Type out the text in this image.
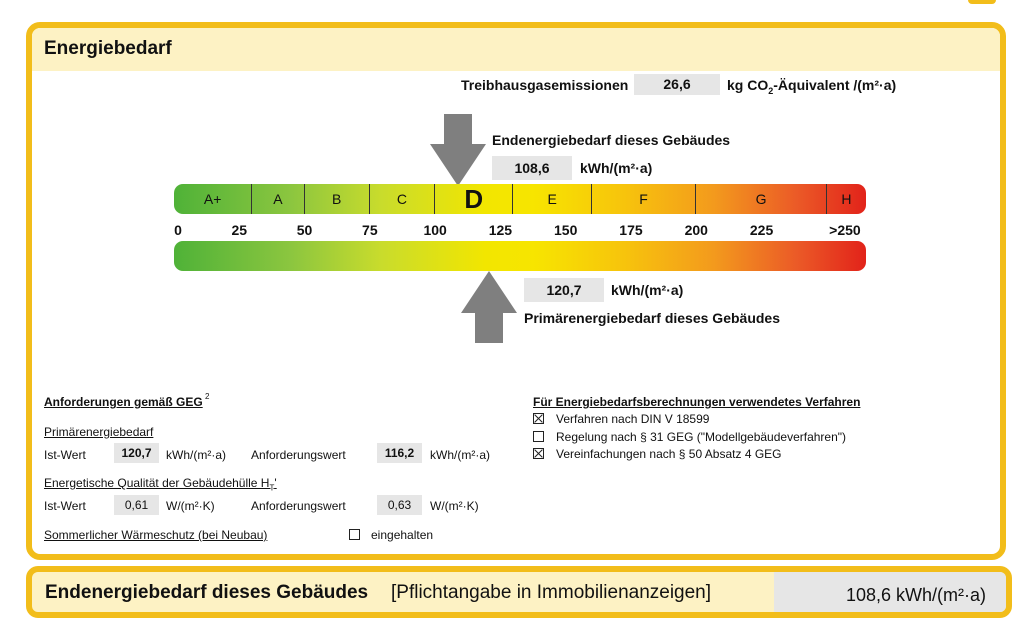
Energiebedarf
Treibhausgasemissionen	26,6	kg $CO_2$-Äquivalent /(m²·a)
Endenergiebedarf dieses Gebäudes
108,6	kWh/(m²·a)
A+	A	B	C	D	E	F	G	H
0	25	50	75	100	125	150	175	200	225	>250
120,7	kWh/(m²·a)
Primärenergiebedarf dieses Gebäudes
Anforderungen gemäß GEG 2
Primärenergiebedarf
Ist-Wert	120,7	kWh/(m²·a) Anforderungswert	116,2	kWh/(m²·a)
Energetische Qualität der Gebäudehülle $H_T'$
Ist-Wert	0,61	W/(m²·K)	Anforderungswert	0,63	W/(m²·K)
Sommerlicher Wärmeschutz (bei Neubau)	eingehalten
Für Energiebedarfsberechnungen verwendetes Verfahren
Verfahren nach DIN V 18599
Regelung nach § 31 GEG ("Modellgebäudeverfahren")
Vereinfachungen nach § 50 Absatz 4 GEG
Endenergiebedarf dieses Gebäudes [Pflichtangabe in Immobilienanzeigen]	108,6 kWh/(m²·a)
